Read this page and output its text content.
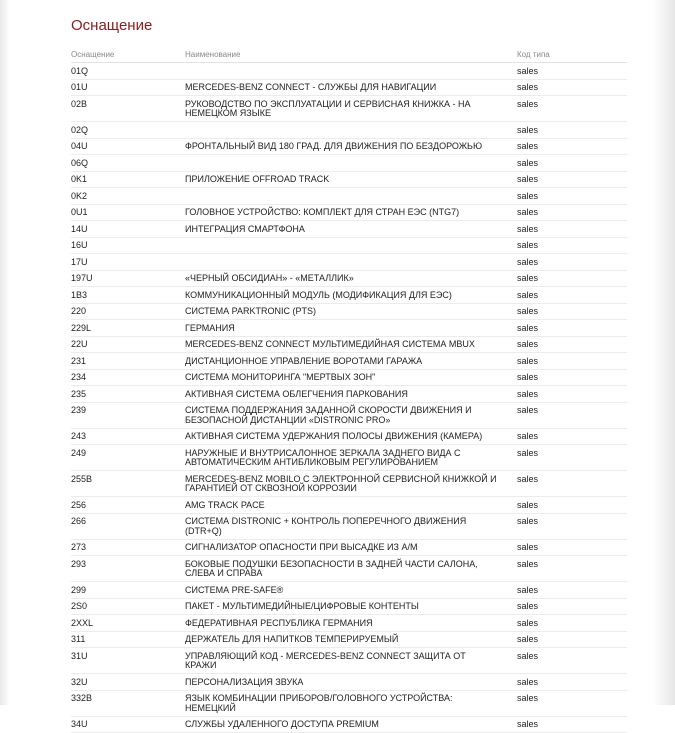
Оснащение
Оснащение	Наименование	Код типа
01Q		sales
01U	MERCEDES-BENZ CONNECT - СЛУЖБЫ ДЛЯ НАВИГАЦИИ	sales
02B	РУКОВОДСТВО ПО ЭКСПЛУАТАЦИИ И СЕРВИСНАЯ КНИЖКА - НА НЕМЕЦКОМ ЯЗЫКЕ	sales
02Q		sales
04U	ФРОНТАЛЬНЫЙ ВИД 180 ГРАД. ДЛЯ ДВИЖЕНИЯ ПО БЕЗДОРОЖЬЮ	sales
06Q		sales
0K1	ПРИЛОЖЕНИЕ OFFROAD TRACK	sales
0K2		sales
0U1	ГОЛОВНОЕ УСТРОЙСТВО: КОМПЛЕКТ ДЛЯ СТРАН ЕЭС (NTG7)	sales
14U	ИНТЕГРАЦИЯ СМАРТФОНА	sales
16U		sales
17U		sales
197U	«ЧЕРНЫЙ ОБСИДИАН» - «МЕТАЛЛИК»	sales
1B3	КОММУНИКАЦИОННЫЙ МОДУЛЬ (МОДИФИКАЦИЯ ДЛЯ ЕЭС)	sales
220	СИСТЕМА PARKTRONIC (PTS)	sales
229L	ГЕРМАНИЯ	sales
22U	MERCEDES-BENZ CONNECT МУЛЬТИМЕДИЙНАЯ СИСТЕМА MBUX	sales
231	ДИСТАНЦИОННОЕ УПРАВЛЕНИЕ ВОРОТАМИ ГАРАЖА	sales
234	СИСТЕМА МОНИТОРИНГА "МЕРТВЫХ ЗОН"	sales
235	АКТИВНАЯ СИСТЕМА ОБЛЕГЧЕНИЯ ПАРКОВАНИЯ	sales
239	СИСТЕМА ПОДДЕРЖАНИЯ ЗАДАННОЙ СКОРОСТИ ДВИЖЕНИЯ И БЕЗОПАСНОЙ ДИСТАНЦИИ «DISTRONIC PRO»	sales
243	АКТИВНАЯ СИСТЕМА УДЕРЖАНИЯ ПОЛОСЫ ДВИЖЕНИЯ (КАМЕРА)	sales
249	НАРУЖНЫЕ И ВНУТРИСАЛОННОЕ ЗЕРКАЛА ЗАДНЕГО ВИДА С АВТОМАТИЧЕСКИМ АНТИБЛИКОВЫМ РЕГУЛИРОВАНИЕМ	sales
255B	MERCEDES-BENZ MOBILO С ЭЛЕКТРОННОЙ СЕРВИСНОЙ КНИЖКОЙ И ГАРАНТИЕЙ ОТ СКВОЗНОЙ КОРРОЗИИ	sales
256	AMG TRACK PACE	sales
266	СИСТЕМА DISTRONIC + КОНТРОЛЬ ПОПЕРЕЧНОГО ДВИЖЕНИЯ (DTR+Q)	sales
273	СИГНАЛИЗАТОР ОПАСНОСТИ ПРИ ВЫСАДКЕ ИЗ А/М	sales
293	БОКОВЫЕ ПОДУШКИ БЕЗОПАСНОСТИ В ЗАДНЕЙ ЧАСТИ САЛОНА, СЛЕВА И СПРАВА	sales
299	СИСТЕМА PRE-SAFE®	sales
2S0	ПАКЕТ - МУЛЬТИМЕДИЙНЫЕ/ЦИФРОВЫЕ КОНТЕНТЫ	sales
2XXL	ФЕДЕРАТИВНАЯ РЕСПУБЛИКА ГЕРМАНИЯ	sales
311	ДЕРЖАТЕЛЬ ДЛЯ НАПИТКОВ ТЕМПЕРИРУЕМЫЙ	sales
31U	УПРАВЛЯЮЩИЙ КОД - MERCEDES-BENZ CONNECT ЗАЩИТА ОТ КРАЖИ	sales
32U	ПЕРСОНАЛИЗАЦИЯ ЗВУКА	sales
332B	ЯЗЫК КОМБИНАЦИИ ПРИБОРОВ/ГОЛОВНОГО УСТРОЙСТВА: НЕМЕЦКИЙ	sales
34U	СЛУЖБЫ УДАЛЕННОГО ДОСТУПА PREMIUM	sales
